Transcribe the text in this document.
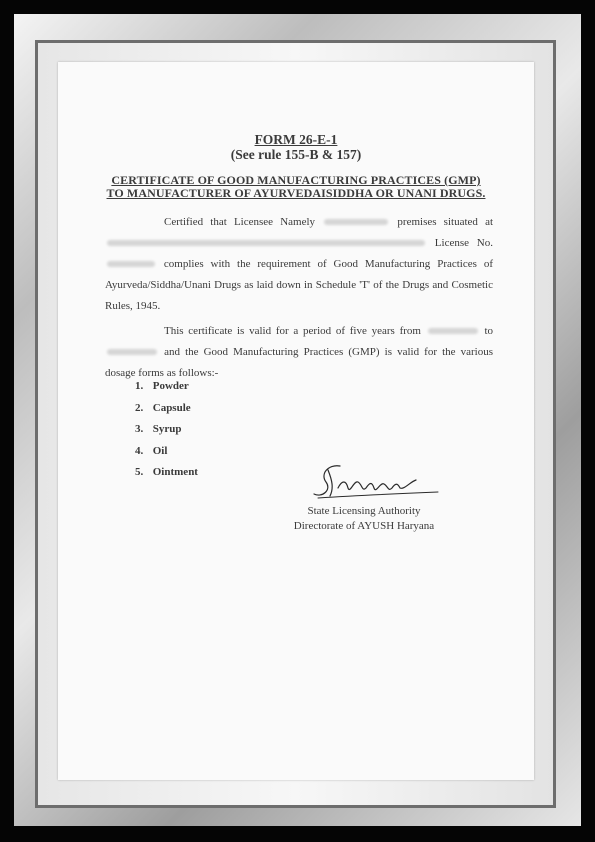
FORM 26-E-1
(See rule 155-B & 157)
CERTIFICATE OF GOOD MANUFACTURING PRACTICES (GMP)
TO MANUFACTURER OF AYURVEDAISIDDHA OR UNANI DRUGS.

Certified that Licensee Namely	premises situated at  License No.  complies with the requirement of Good Manufacturing Practices of Ayurveda/Siddha/Unani Drugs as laid down in Schedule 'T' of the Drugs and Cosmetic Rules, 1945.

This certificate is valid for a period of five years from	to  and the Good Manufacturing Practices (GMP) is valid for the various dosage forms as follows:-

1. Powder
2. Capsule
3. Syrup
4. Oil
5. Ointment
State Licensing Authority
Directorate of AYUSH Haryana
